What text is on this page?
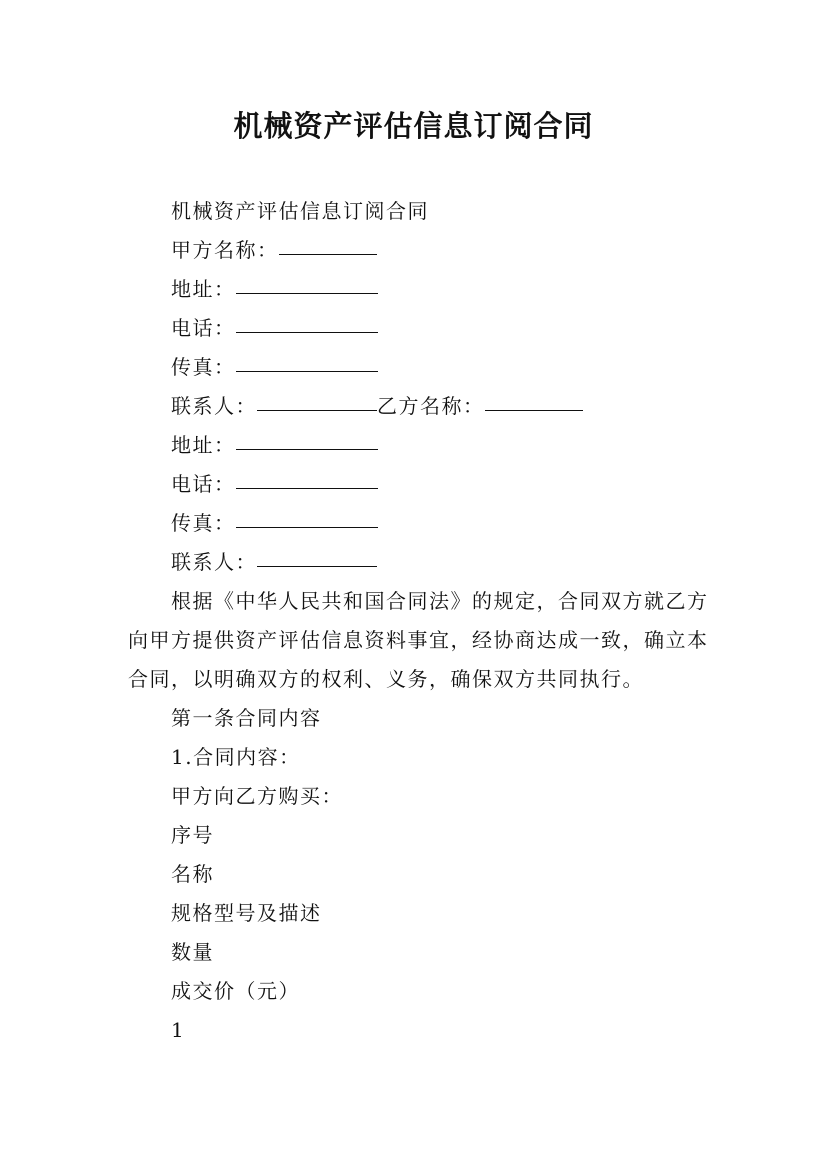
机械资产评估信息订阅合同
机械资产评估信息订阅合同
甲方名称：
地址：
电话：
传真：
联系人：	乙方名称：
地址：
电话：
传真：
联系人：
根据《中华人民共和国合同法》的规定，合同双方就乙方向甲方提供资产评估信息资料事宜，经协商达成一致，确立本合同，以明确双方的权利、义务，确保双方共同执行。
第一条合同内容
1.合同内容：
甲方向乙方购买：
序号
名称
规格型号及描述
数量
成交价（元）
1
